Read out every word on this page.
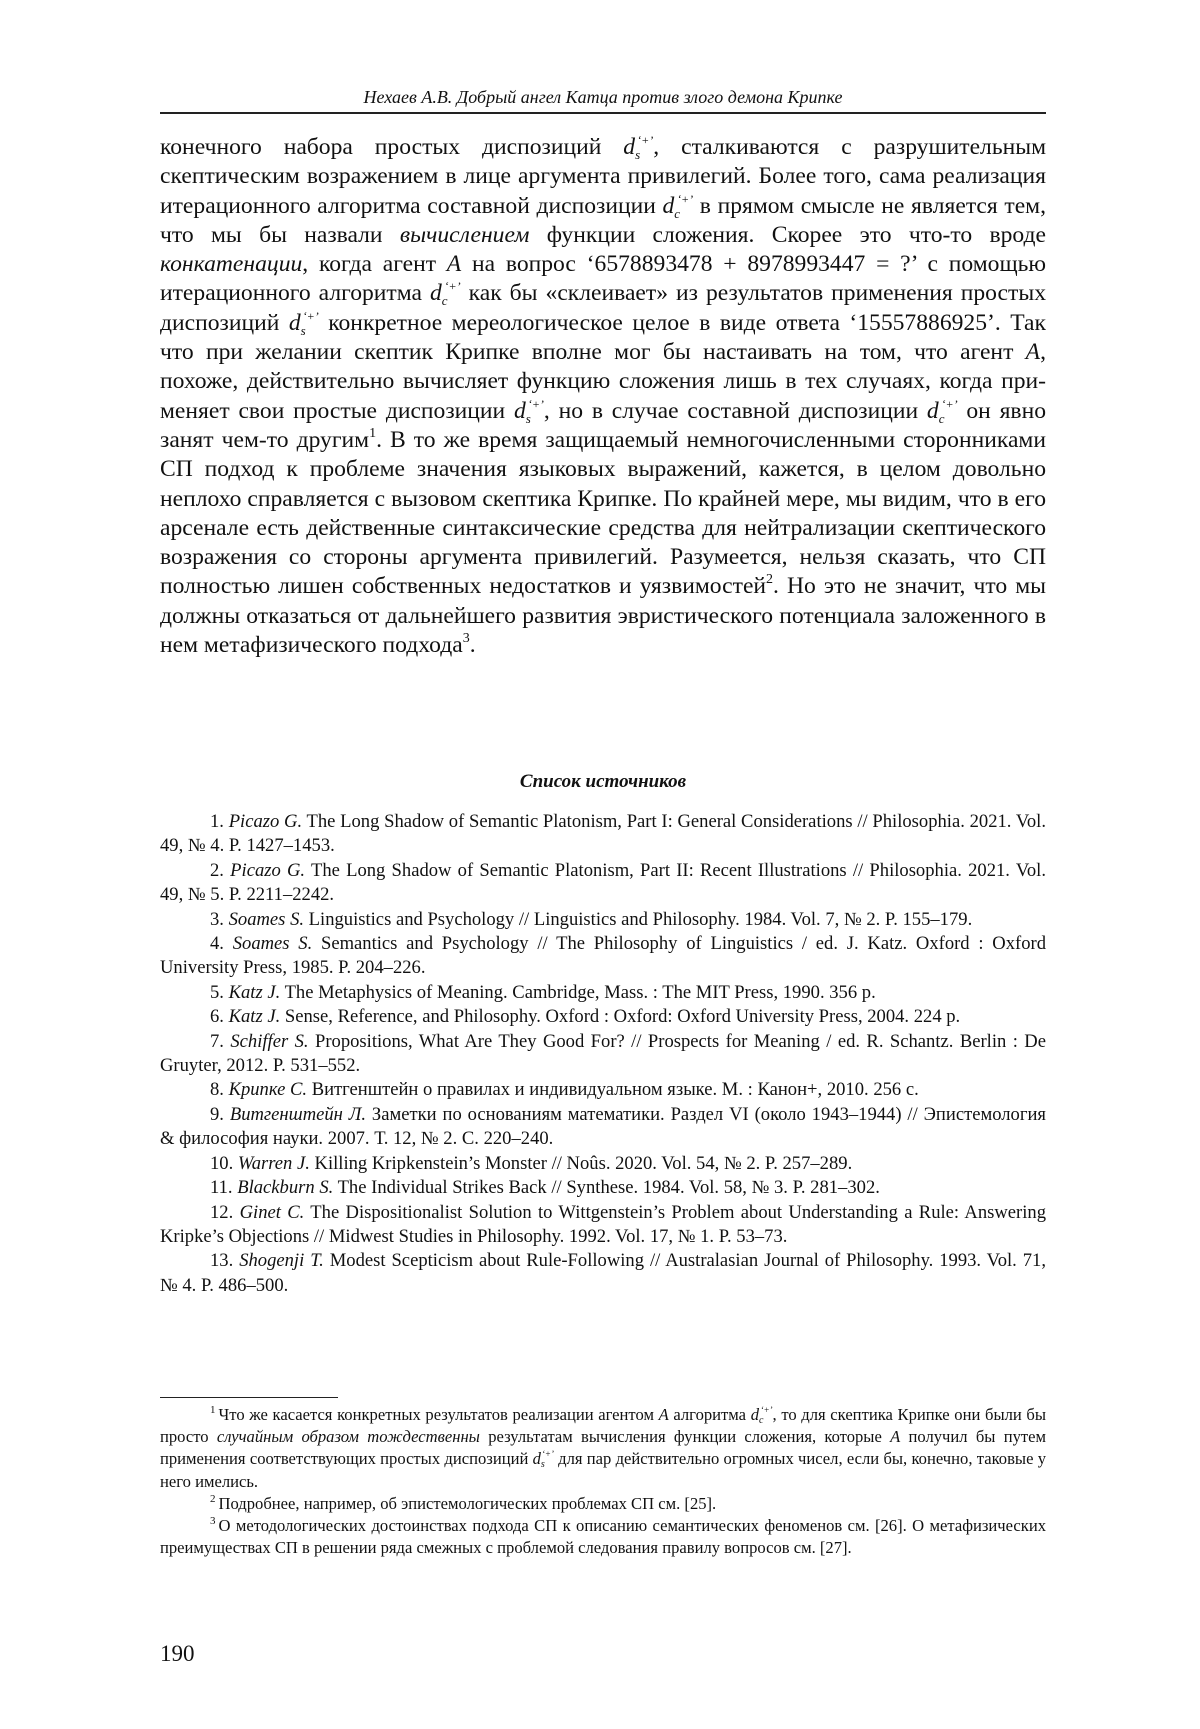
Нехаев А.В. Добрый ангел Катца против злого демона Крипке

конечного набора простых диспозиций $d_s^{‘+’}$, сталкиваются с разрушительным скептическим возражением в лице аргумента привилегий. Более того, сама реализация итерационного алгоритма составной диспозиции $d_c^{‘+’}$ в прямом смысле не является тем, что мы бы назвали вычислением функции сложения. Скорее это что-то вроде конкатенации, когда агент A на вопрос ‘6578893478 + 8978993447 = ?’ с помощью итерационного алгоритма $d_c^{‘+’}$ как бы «склеивает» из результатов применения простых диспозиций $d_s^{‘+’}$ конкретное мереологическое целое в виде ответа ‘15557886925’. Так что при желании скептик Крипке вполне мог бы настаивать на том, что агент A, похоже, действительно вычисляет функцию сложения лишь в тех случаях, когда применяет свои простые диспозиции $d_s^{‘+’}$, но в случае составной диспозиции $d_c^{‘+’}$ он явно занят чем-то другим$^1$. В то же время защищаемый немногочисленными сторонниками СП подход к проблеме значения языковых выражений, кажется, в целом довольно неплохо справляется с вызовом скептика Крипке. По крайней мере, мы видим, что в его арсенале есть действенные синтаксические средства для нейтрализации скептического возражения со стороны аргумента привилегий. Разумеется, нельзя сказать, что СП полностью лишен собственных недостатков и уязвимостей$^2$. Но это не значит, что мы должны отказаться от дальнейшего развития эвристического потенциала заложенного в нем метафизического подхода$^3$.

Список источников

1. Picazo G. The Long Shadow of Semantic Platonism, Part I: General Considerations // Philosophia. 2021. Vol. 49, № 4. P. 1427–1453.

2. Picazo G. The Long Shadow of Semantic Platonism, Part II: Recent Illustrations // Philosophia. 2021. Vol. 49, № 5. P. 2211–2242.

3. Soames S. Linguistics and Psychology // Linguistics and Philosophy. 1984. Vol. 7, № 2. P. 155–179.

4. Soames S. Semantics and Psychology // The Philosophy of Linguistics / ed. J. Katz. Oxford : Oxford University Press, 1985. P. 204–226.

5. Katz J. The Metaphysics of Meaning. Cambridge, Mass. : The MIT Press, 1990. 356 p.

6. Katz J. Sense, Reference, and Philosophy. Oxford : Oxford: Oxford University Press, 2004. 224 p.

7. Schiffer S. Propositions, What Are They Good For? // Prospects for Meaning / ed. R. Schantz. Berlin : De Gruyter, 2012. P. 531–552.

8. Крипке С. Витгенштейн о правилах и индивидуальном языке. М. : Канон+, 2010. 256 с.

9. Витгенштейн Л. Заметки по основаниям математики. Раздел VI (около 1943–1944) // Эпистемология & философия науки. 2007. Т. 12, № 2. С. 220–240.

10. Warren J. Killing Kripkenstein’s Monster // Noûs. 2020. Vol. 54, № 2. P. 257–289.

11. Blackburn S. The Individual Strikes Back // Synthese. 1984. Vol. 58, № 3. P. 281–302.

12. Ginet C. The Dispositionalist Solution to Wittgenstein’s Problem about Understanding a Rule: Answering Kripke’s Objections // Midwest Studies in Philosophy. 1992. Vol. 17, № 1. P. 53–73.

13. Shogenji T. Modest Scepticism about Rule-Following // Australasian Journal of Philosophy. 1993. Vol. 71, № 4. P. 486–500.

$^1$ Что же касается конкретных результатов реализации агентом A алгоритма $d_c^{‘+’}$, то для скептика Крипке они были бы просто случайным образом тождественны результатам вычисления функции сложения, которые A получил бы путем применения соответствующих простых диспозиций $d_s^{‘+’}$ для пар действительно огромных чисел, если бы, конечно, таковые у него имелись.

$^2$ Подробнее, например, об эпистемологических проблемах СП см. [25].

$^3$ О методологических достоинствах подхода СП к описанию семантических феноменов см. [26]. О метафизических преимуществах СП в решении ряда смежных с проблемой следования правилу вопросов см. [27].

190
